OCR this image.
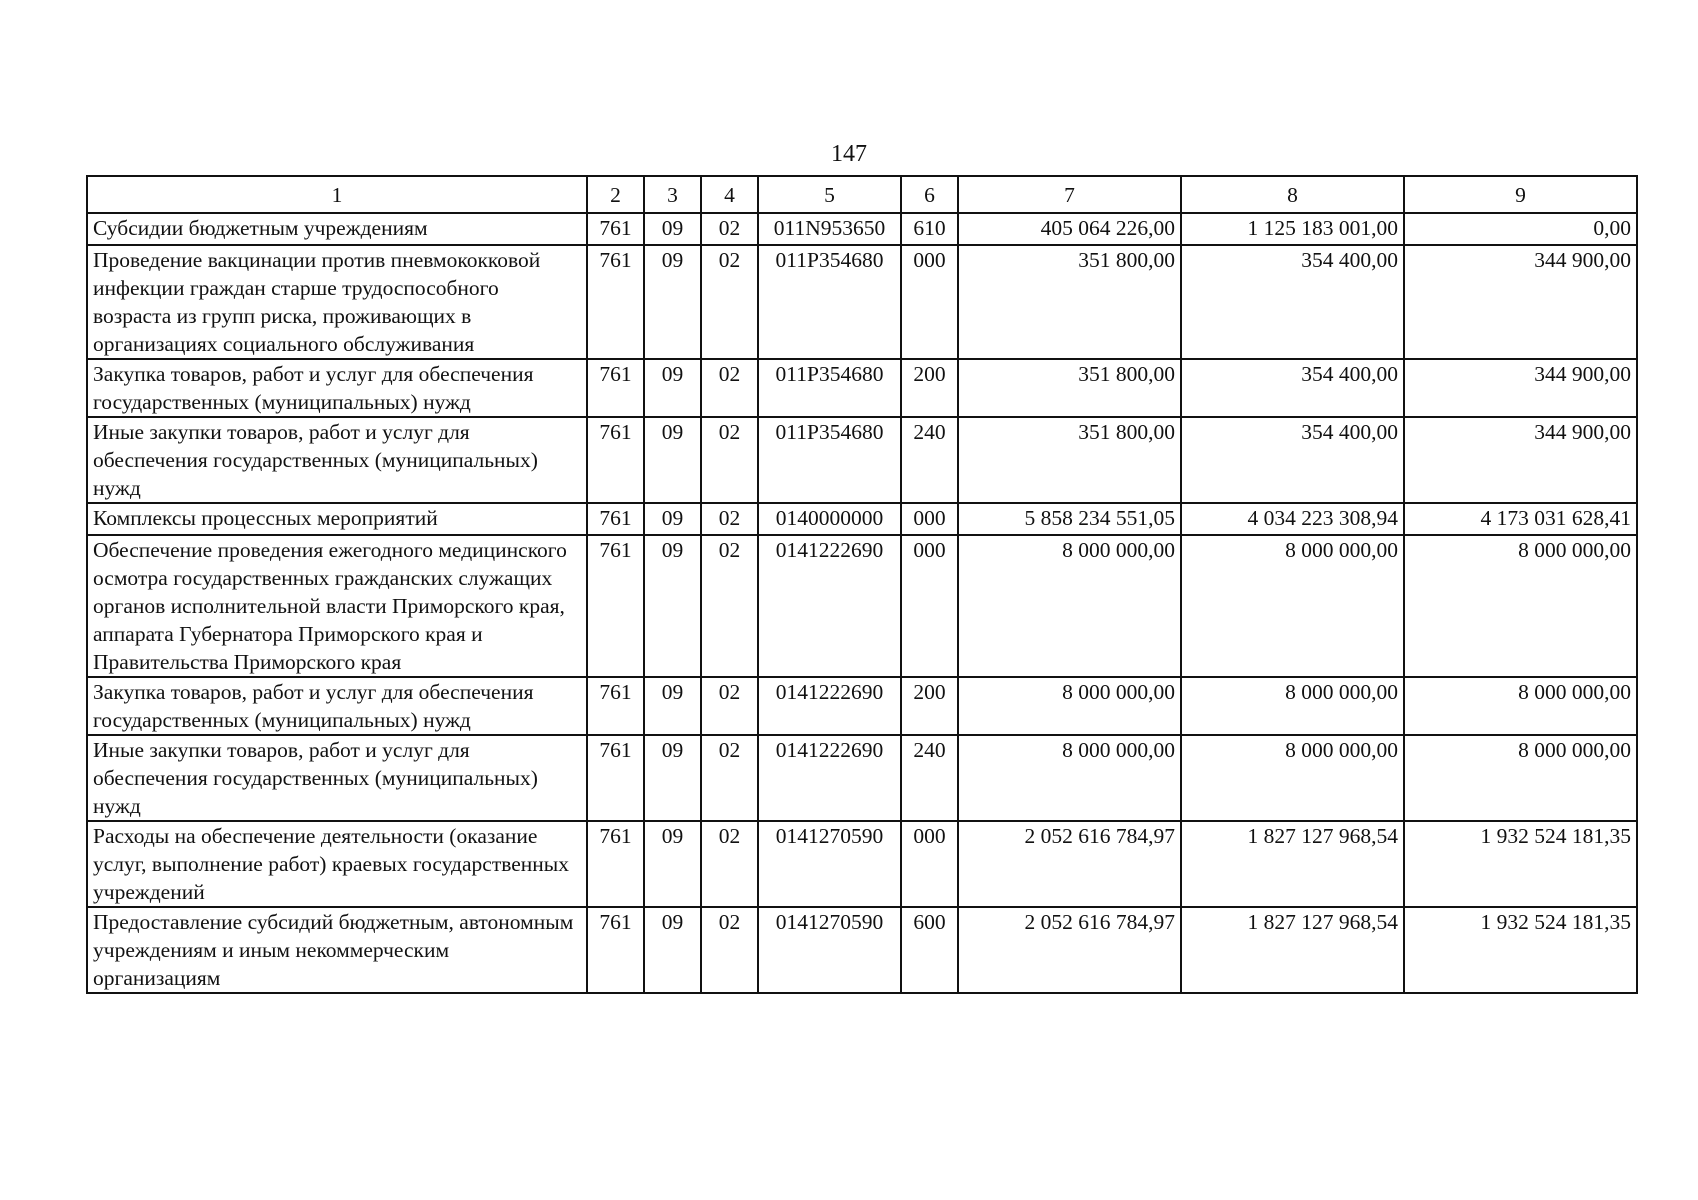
147
1	2	3	4	5	6	7	8	9
Субсидии бюджетным учреждениям	761	09	02	011N953650	610	405 064 226,00	1 125 183 001,00	0,00
Проведение вакцинации против пневмококковой инфекции граждан старше трудоспособного возраста из групп риска, проживающих в организациях социального обслуживания	761	09	02	011Р354680	000	351 800,00	354 400,00	344 900,00
Закупка товаров, работ и услуг для обеспечения государственных (муниципальных) нужд	761	09	02	011Р354680	200	351 800,00	354 400,00	344 900,00
Иные закупки товаров, работ и услуг для обеспечения государственных (муниципальных) нужд	761	09	02	011Р354680	240	351 800,00	354 400,00	344 900,00
Комплексы процессных мероприятий	761	09	02	0140000000	000	5 858 234 551,05	4 034 223 308,94	4 173 031 628,41
Обеспечение проведения ежегодного медицинского осмотра государственных гражданских служащих органов исполнительной власти Приморского края, аппарата Губернатора Приморского края и Правительства Приморского края	761	09	02	0141222690	000	8 000 000,00	8 000 000,00	8 000 000,00
Закупка товаров, работ и услуг для обеспечения государственных (муниципальных) нужд	761	09	02	0141222690	200	8 000 000,00	8 000 000,00	8 000 000,00
Иные закупки товаров, работ и услуг для обеспечения государственных (муниципальных) нужд	761	09	02	0141222690	240	8 000 000,00	8 000 000,00	8 000 000,00
Расходы на обеспечение деятельности (оказание услуг, выполнение работ) краевых государственных учреждений	761	09	02	0141270590	000	2 052 616 784,97	1 827 127 968,54	1 932 524 181,35
Предоставление субсидий бюджетным, автономным учреждениям и иным некоммерческим организациям	761	09	02	0141270590	600	2 052 616 784,97	1 827 127 968,54	1 932 524 181,35
